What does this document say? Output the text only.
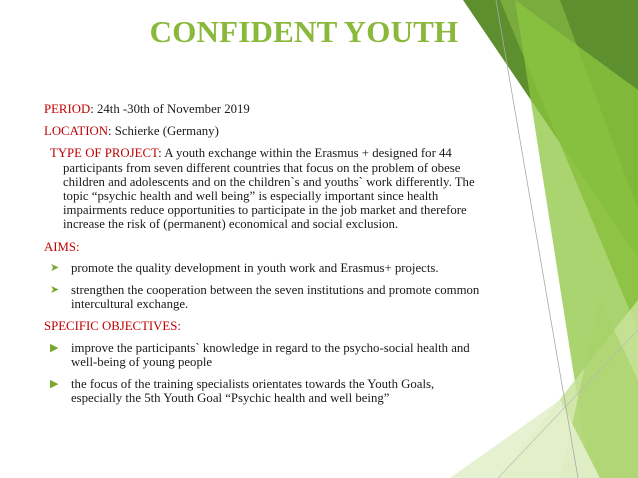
CONFIDENT YOUTH

PERIOD: 24th -30th of November 2019

LOCATION: Schierke (Germany)

TYPE OF PROJECT: A youth exchange within the Erasmus + designed for 44 participants from seven different countries that focus on the problem of obese children and adolescents and on the children`s and youths` work differently. The topic “psychic health and well being” is especially important since health impairments reduce opportunities to participate in the job market and therefore increase the risk of (permanent) economical and social exclusion.

AIMS:

➤ promote the quality development in youth work and Erasmus+ projects.
➤ strengthen the cooperation between the seven institutions and promote common intercultural exchange.

SPECIFIC OBJECTIVES:

▶ improve the participants` knowledge in regard to the psycho-social health and well-being of young people
▶ the focus of the training specialists orientates towards the Youth Goals, especially the 5th Youth Goal “Psychic health and well being”
